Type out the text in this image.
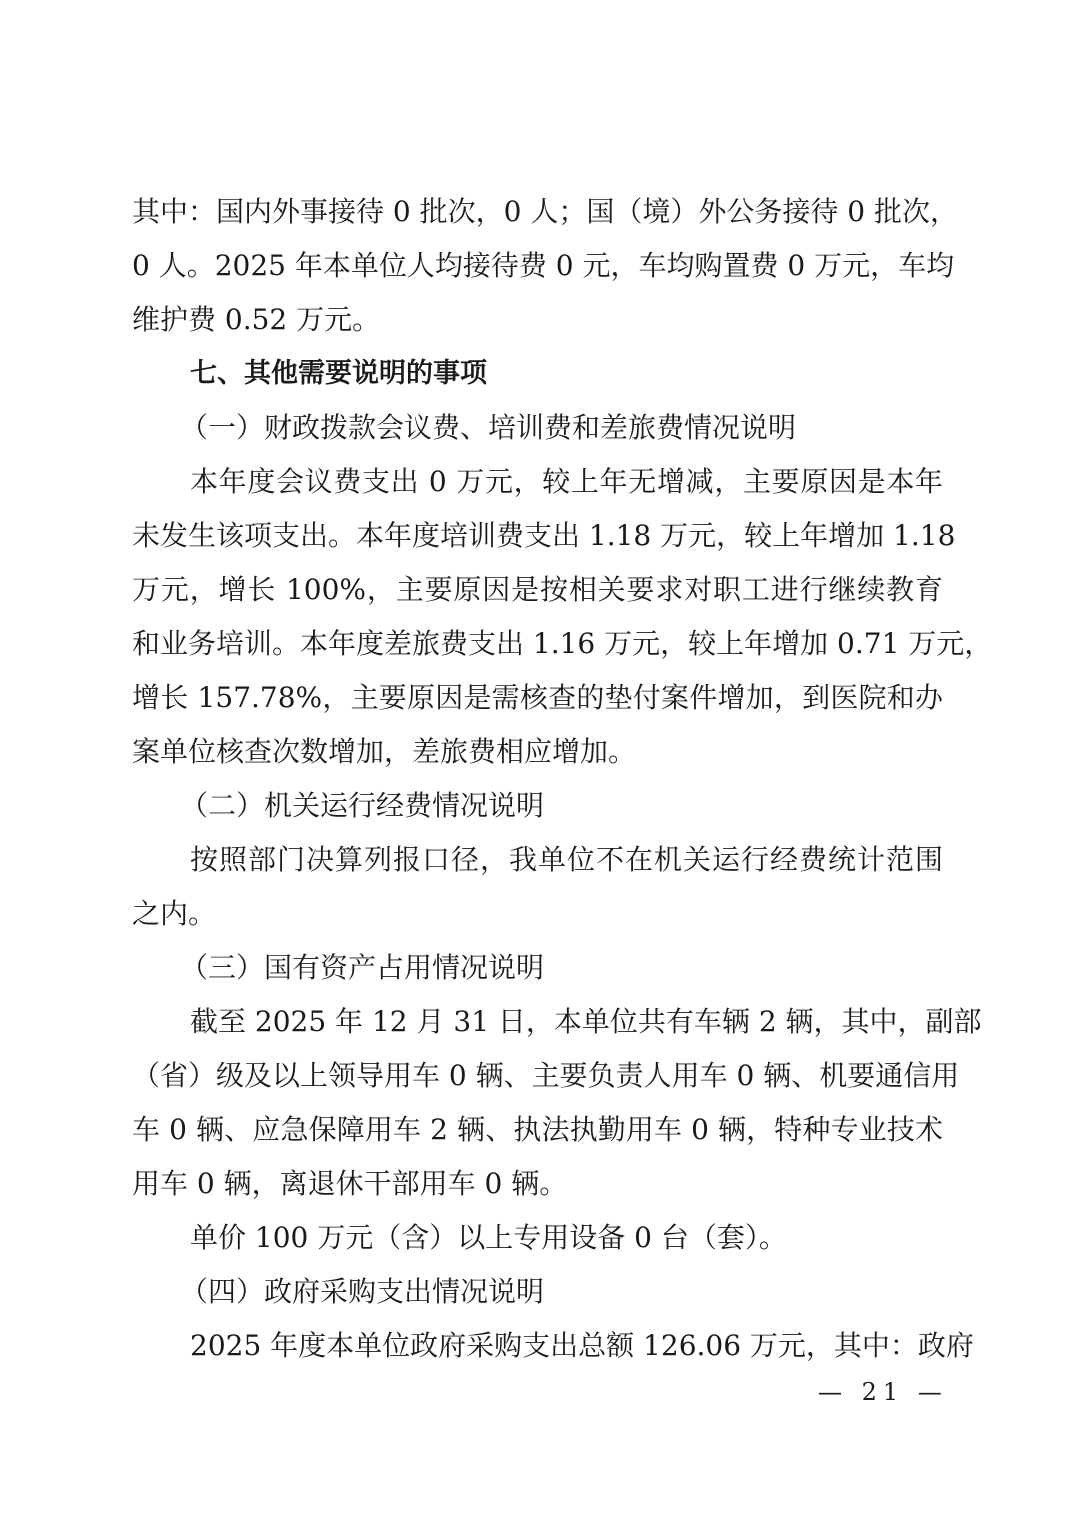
其中：国内外事接待 0 批次，0 人；国（境）外公务接待 0 批次，
0 人。2025 年本单位人均接待费 0 元，车均购置费 0 万元，车均
维护费 0.52 万元。
七、其他需要说明的事项
（一）财政拨款会议费、培训费和差旅费情况说明
本年度会议费支出 0 万元，较上年无增减，主要原因是本年
未发生该项支出。本年度培训费支出 1.18 万元，较上年增加 1.18
万元，增长 100%，主要原因是按相关要求对职工进行继续教育
和业务培训。本年度差旅费支出 1.16 万元，较上年增加 0.71 万元，
增长 157.78%，主要原因是需核查的垫付案件增加，到医院和办
案单位核查次数增加，差旅费相应增加。
（二）机关运行经费情况说明
按照部门决算列报口径，我单位不在机关运行经费统计范围
之内。
（三）国有资产占用情况说明
截至 2025 年 12 月 31 日，本单位共有车辆 2 辆，其中，副部
（省）级及以上领导用车 0 辆、主要负责人用车 0 辆、机要通信用
车 0 辆、应急保障用车 2 辆、执法执勤用车 0 辆，特种专业技术
用车 0 辆，离退休干部用车 0 辆。
单价 100 万元（含）以上专用设备 0 台（套）。
（四）政府采购支出情况说明
2025 年度本单位政府采购支出总额 126.06 万元，其中：政府
— 21 —
